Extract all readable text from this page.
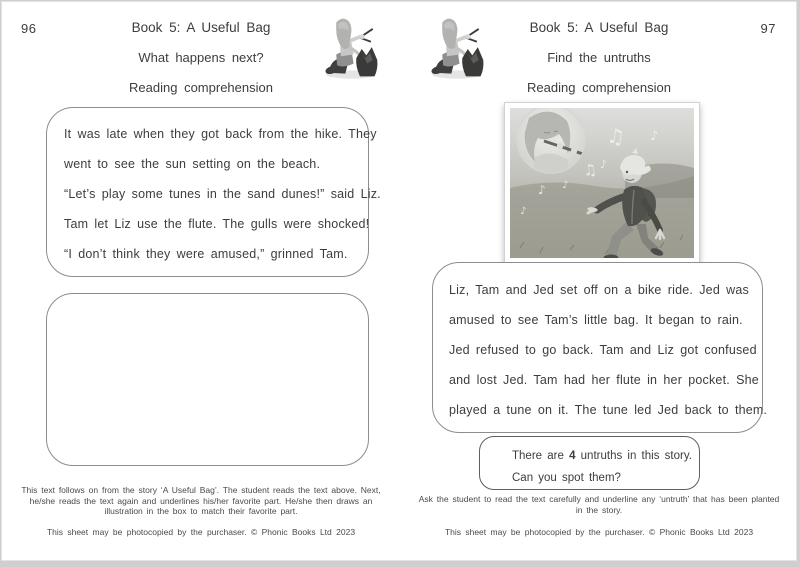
96	Book 5: A Useful Bag
What happens next?
Reading comprehension
It was late when they got back from the hike. They
went to see the sun setting on the beach.
“Let’s play some tunes in the sand dunes!” said Liz.
Tam let Liz use the flute. The gulls were shocked!
“I don’t think they were amused,” grinned Tam.
This text follows on from the story ‘A Useful Bag’. The student reads the text above. Next,
he/she reads the text again and underlines his/her favorite part. He/she then draws an
illustration in the box to match their favorite part.
This sheet may be photocopied by the purchaser. © Phonic Books Ltd 2023
97
Book 5: A Useful Bag
Find the untruths
Reading comprehension
♫ ♪
♫
♪
♪
♪
♪
Liz, Tam and Jed set off on a bike ride. Jed was
amused to see Tam’s little bag. It began to rain.
Jed refused to go back. Tam and Liz got confused
and lost Jed. Tam had her flute in her pocket. She
played a tune on it. The tune led Jed back to them.
There are 4 untruths in this story.
Can you spot them?
Ask the student to read the text carefully and underline any ‘untruth’ that has been planted
in the story.
This sheet may be photocopied by the purchaser. © Phonic Books Ltd 2023
